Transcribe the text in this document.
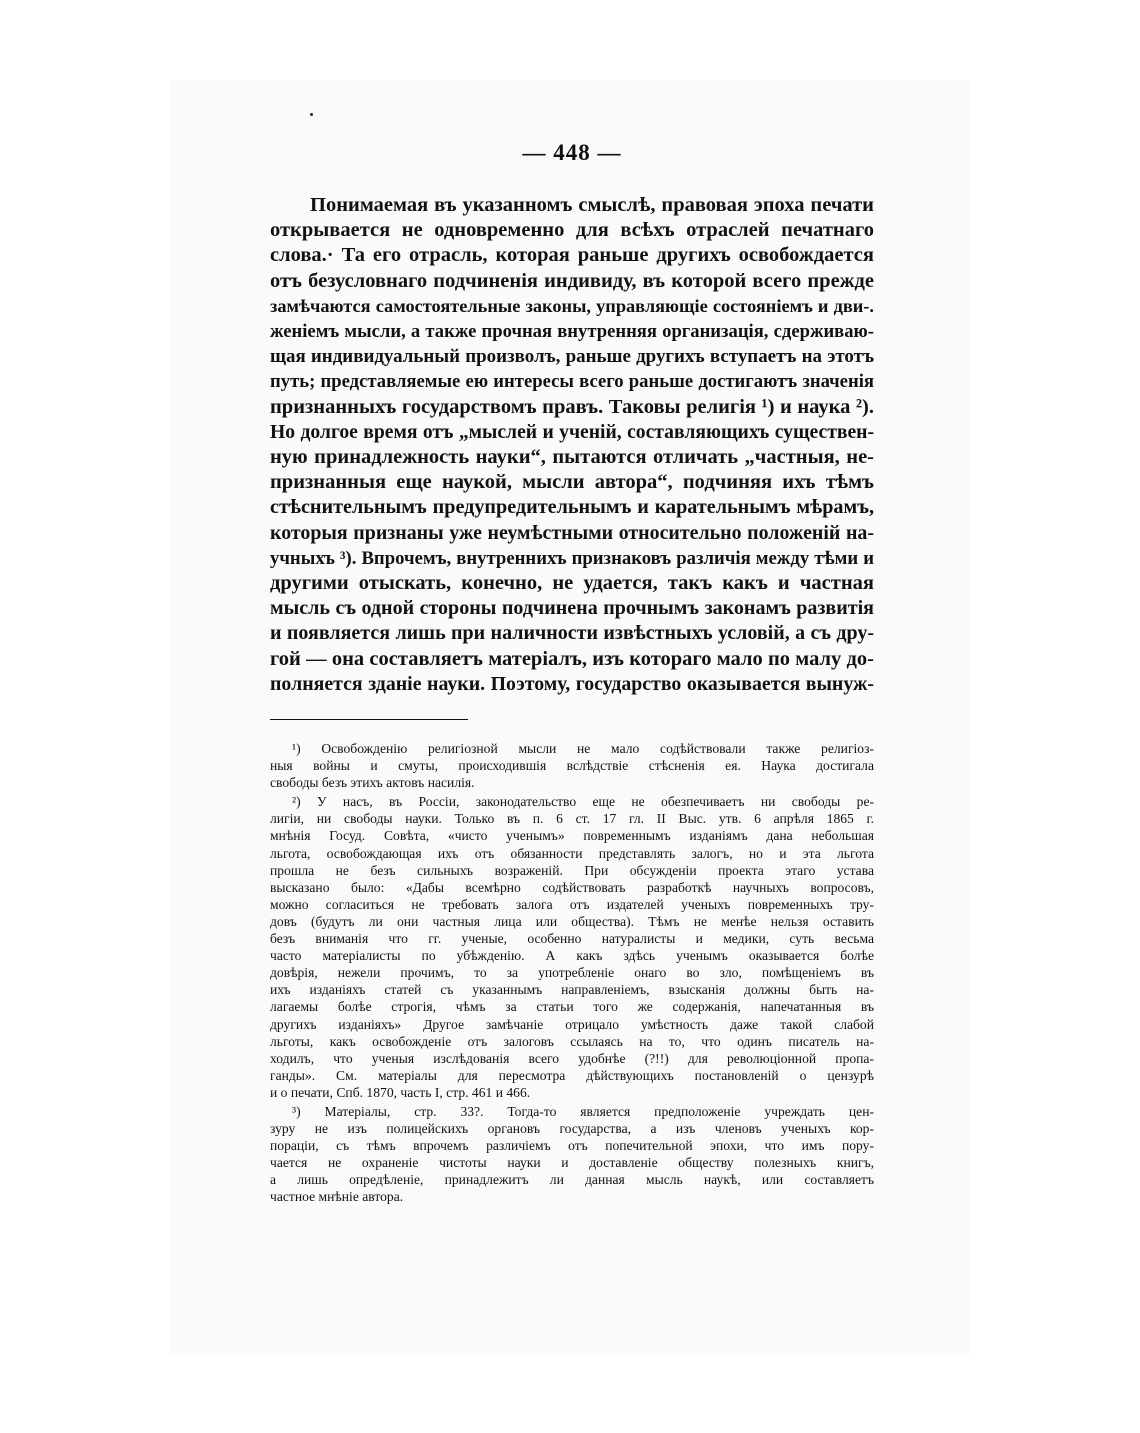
— 448 —
Понимаемая въ указанномъ смыслѣ, правовая эпоха печати
открывается не одновременно для всѣхъ отраслей печатнаго
слова.· Та его отрасль, которая раньше другихъ освобождается
отъ безусловнаго подчиненія индивиду, въ которой всего прежде
замѣчаются самостоятельные законы, управляющіе состояніемъ и дви-.
женіемъ мысли, а также прочная внутренняя организація, сдерживаю-
щая индивидуальный произволъ, раньше другихъ вступаетъ на этотъ
путь; представляемые ею интересы всего раньше достигаютъ значенія
признанныхъ государствомъ правъ. Таковы религія ¹) и наука ²).
Но долгое время отъ „мыслей и ученій, составляющихъ существен-
ную принадлежность науки“, пытаются отличать „частныя, не-
признанныя еще наукой, мысли автора“, подчиняя ихъ тѣмъ
стѣснительнымъ предупредительнымъ и карательнымъ мѣрамъ,
которыя признаны уже неумѣстными относительно положеній на-
учныхъ ³). Впрочемъ, внутреннихъ признаковъ различія между тѣми и
другими отыскать, конечно, не удается, такъ какъ и частная
мысль съ одной стороны подчинена прочнымъ законамъ развитія
и появляется лишь при наличности извѣстныхъ условій, а съ дру-
гой — она составляетъ матеріалъ, изъ котораго мало по малу до-
полняется зданіе науки. Поэтому, государство оказывается вынуж-
¹) Освобожденію религіозной мысли не мало содѣйствовали также религіоз-
ныя войны и смуты, происходившія вслѣдствіе стѣсненія ея. Наука достигала
свободы безъ этихъ актовъ насилія.
²) У насъ, въ Россіи, законодательство еще не обезпечиваетъ ни свободы ре-
лигіи, ни свободы науки. Только въ п. 6 ст. 17 гл. II Выс. утв. 6 апрѣля 1865 г.
мнѣнія Госуд. Совѣта, «чисто ученымъ» повременнымъ изданіямъ дана небольшая
льгота, освобождающая ихъ отъ обязанности представлять залогъ, но и эта льгота
прошла не безъ сильныхъ возраженій. При обсужденіи проекта этаго устава
высказано было: «Дабы всемѣрно содѣйствовать разработкѣ научныхъ вопросовъ,
можно согласиться не требовать залога отъ издателей ученыхъ повременныхъ тру-
довъ (будутъ ли они частныя лица или общества). Тѣмъ не менѣе нельзя оставить
безъ вниманія что гг. ученые, особенно натуралисты и медики, суть весьма
часто матеріалисты по убѣжденію. А какъ здѣсь ученымъ оказывается болѣе
довѣрія, нежели прочимъ, то за употребленіе онаго во зло, помѣщеніемъ въ
ихъ изданіяхъ статей съ указаннымъ направленіемъ, взысканія должны быть на-
лагаемы болѣе строгія, чѣмъ за статьи того же содержанія, напечатанныя въ
другихъ изданіяхъ» Другое замѣчаніе отрицало умѣстность даже такой слабой
льготы, какъ освобожденіе отъ залоговъ ссылаясь на то, что одинъ писатель на-
ходилъ, что ученыя изслѣдованія всего удобнѣе (?!!) для революціонной пропа-
ганды». См. матеріалы для пересмотра дѣйствующихъ постановленій о цензурѣ
и о печати, Спб. 1870, часть I, стр. 461 и 466.
³) Матеріалы, стр. 33?. Тогда-то является предположеніе учреждать цен-
зуру не изъ полицейскихъ органовъ государства, а изъ членовъ ученыхъ кор-
пораціи, съ тѣмъ впрочемъ различіемъ отъ попечительной эпохи, что имъ пору-
чается не охраненіе чистоты науки и доставленіе обществу полезныхъ книгъ,
а лишь опредѣленіе, принадлежитъ ли данная мысль наукѣ, или составляетъ
частное мнѣніе автора.
